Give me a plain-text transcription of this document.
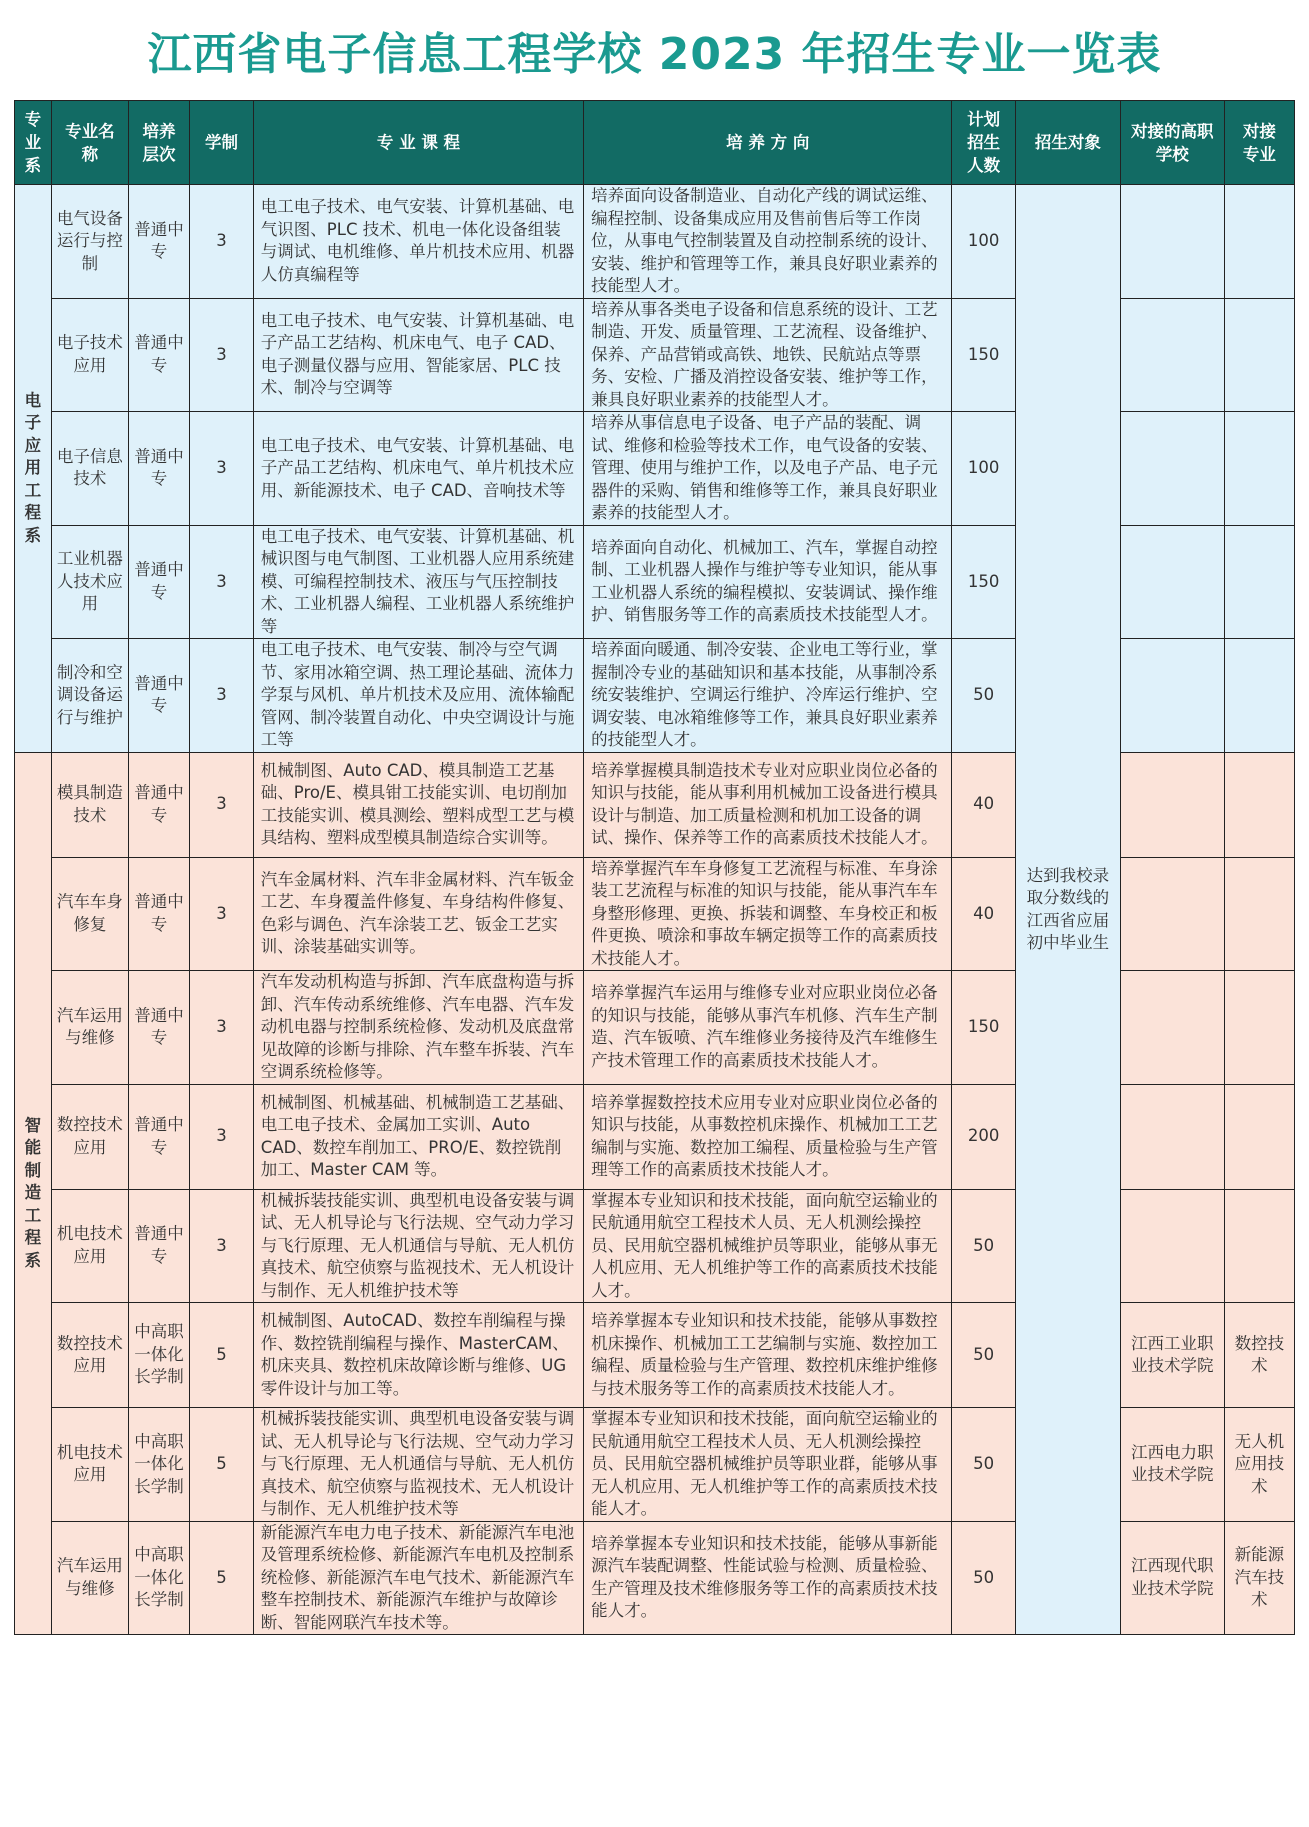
江西省电子信息工程学校 2023 年招生专业一览表
专业系	专业名称	培养层次	学制	专 业 课 程	培 养 方 向	计划招生人数	招生对象	对接的高职学校	对接专业
电子应用工程系	电气设备运行与控制	普通中专	3	电工电子技术、电气安装、计算机基础、电气识图、PLC 技术、机电一体化设备组装与调试、电机维修、单片机技术应用、机器人仿真编程等	培养面向设备制造业、自动化产线的调试运维、编程控制、设备集成应用及售前售后等工作岗位，从事电气控制装置及自动控制系统的设计、安装、维护和管理等工作，兼具良好职业素养的技能型人才。	100	达到我校录取分数线的江西省应届初中毕业生		
	电子技术应用	普通中专	3	电工电子技术、电气安装、计算机基础、电子产品工艺结构、机床电气、电子 CAD、电子测量仪器与应用、智能家居、PLC 技术、制冷与空调等	培养从事各类电子设备和信息系统的设计、工艺制造、开发、质量管理、工艺流程、设备维护、保养、产品营销或高铁、地铁、民航站点等票务、安检、广播及消控设备安装、维护等工作，兼具良好职业素养的技能型人才。	150			
	电子信息技术	普通中专	3	电工电子技术、电气安装、计算机基础、电子产品工艺结构、机床电气、单片机技术应用、新能源技术、电子 CAD、音响技术等	培养从事信息电子设备、电子产品的装配、调试、维修和检验等技术工作，电气设备的安装、管理、使用与维护工作，以及电子产品、电子元器件的采购、销售和维修等工作，兼具良好职业素养的技能型人才。	100			
	工业机器人技术应用	普通中专	3	电工电子技术、电气安装、计算机基础、机械识图与电气制图、工业机器人应用系统建模、可编程控制技术、液压与气压控制技术、工业机器人编程、工业机器人系统维护等	培养面向自动化、机械加工、汽车，掌握自动控制、工业机器人操作与维护等专业知识，能从事工业机器人系统的编程模拟、安装调试、操作维护、销售服务等工作的高素质技术技能型人才。	150			
	制冷和空调设备运行与维护	普通中专	3	电工电子技术、电气安装、制冷与空气调节、家用冰箱空调、热工理论基础、流体力学泵与风机、单片机技术及应用、流体输配管网、制冷装置自动化、中央空调设计与施工等	培养面向暖通、制冷安装、企业电工等行业，掌握制冷专业的基础知识和基本技能，从事制冷系统安装维护、空调运行维护、冷库运行维护、空调安装、电冰箱维修等工作，兼具良好职业素养的技能型人才。	50			
智能制造工程系	模具制造技术	普通中专	3	机械制图、Auto CAD、模具制造工艺基础、Pro/E、模具钳工技能实训、电切削加工技能实训、模具测绘、塑料成型工艺与模具结构、塑料成型模具制造综合实训等。	培养掌握模具制造技术专业对应职业岗位必备的知识与技能，能从事利用机械加工设备进行模具设计与制造、加工质量检测和机加工设备的调试、操作、保养等工作的高素质技术技能人才。	40			
	汽车车身修复	普通中专	3	汽车金属材料、汽车非金属材料、汽车钣金工艺、车身覆盖件修复、车身结构件修复、色彩与调色、汽车涂装工艺、钣金工艺实训、涂装基础实训等。	培养掌握汽车车身修复工艺流程与标准、车身涂装工艺流程与标准的知识与技能，能从事汽车车身整形修理、更换、拆装和调整、车身校正和板件更换、喷涂和事故车辆定损等工作的高素质技术技能人才。	40			
	汽车运用与维修	普通中专	3	汽车发动机构造与拆卸、汽车底盘构造与拆卸、汽车传动系统维修、汽车电器、汽车发动机电器与控制系统检修、发动机及底盘常见故障的诊断与排除、汽车整车拆装、汽车空调系统检修等。	培养掌握汽车运用与维修专业对应职业岗位必备的知识与技能，能够从事汽车机修、汽车生产制造、汽车钣喷、汽车维修业务接待及汽车维修生产技术管理工作的高素质技术技能人才。	150			
	数控技术应用	普通中专	3	机械制图、机械基础、机械制造工艺基础、电工电子技术、金属加工实训、Auto CAD、数控车削加工、PRO/E、数控铣削加工、Master CAM 等。	培养掌握数控技术应用专业对应职业岗位必备的知识与技能，从事数控机床操作、机械加工工艺编制与实施、数控加工编程、质量检验与生产管理等工作的高素质技术技能人才。	200			
	机电技术应用	普通中专	3	机械拆装技能实训、典型机电设备安装与调试、无人机导论与飞行法规、空气动力学习与飞行原理、无人机通信与导航、无人机仿真技术、航空侦察与监视技术、无人机设计与制作、无人机维护技术等	掌握本专业知识和技术技能，面向航空运输业的民航通用航空工程技术人员、无人机测绘操控员、民用航空器机械维护员等职业，能够从事无人机应用、无人机维护等工作的高素质技术技能人才。	50			
	数控技术应用	中高职一体化长学制	5	机械制图、AutoCAD、数控车削编程与操作、数控铣削编程与操作、MasterCAM、机床夹具、数控机床故障诊断与维修、UG 零件设计与加工等。	培养掌握本专业知识和技术技能，能够从事数控机床操作、机械加工工艺编制与实施、数控加工编程、质量检验与生产管理、数控机床维护维修与技术服务等工作的高素质技术技能人才。	50		江西工业职业技术学院	数控技术
	机电技术应用	中高职一体化长学制	5	机械拆装技能实训、典型机电设备安装与调试、无人机导论与飞行法规、空气动力学习与飞行原理、无人机通信与导航、无人机仿真技术、航空侦察与监视技术、无人机设计与制作、无人机维护技术等	掌握本专业知识和技术技能，面向航空运输业的民航通用航空工程技术人员、无人机测绘操控员、民用航空器机械维护员等职业群，能够从事无人机应用、无人机维护等工作的高素质技术技能人才。	50		江西电力职业技术学院	无人机应用技术
	汽车运用与维修	中高职一体化长学制	5	新能源汽车电力电子技术、新能源汽车电池及管理系统检修、新能源汽车电机及控制系统检修、新能源汽车电气技术、新能源汽车整车控制技术、新能源汽车维护与故障诊断、智能网联汽车技术等。	培养掌握本专业知识和技术技能，能够从事新能源汽车装配调整、性能试验与检测、质量检验、生产管理及技术维修服务等工作的高素质技术技能人才。	50		江西现代职业技术学院	新能源汽车技术
